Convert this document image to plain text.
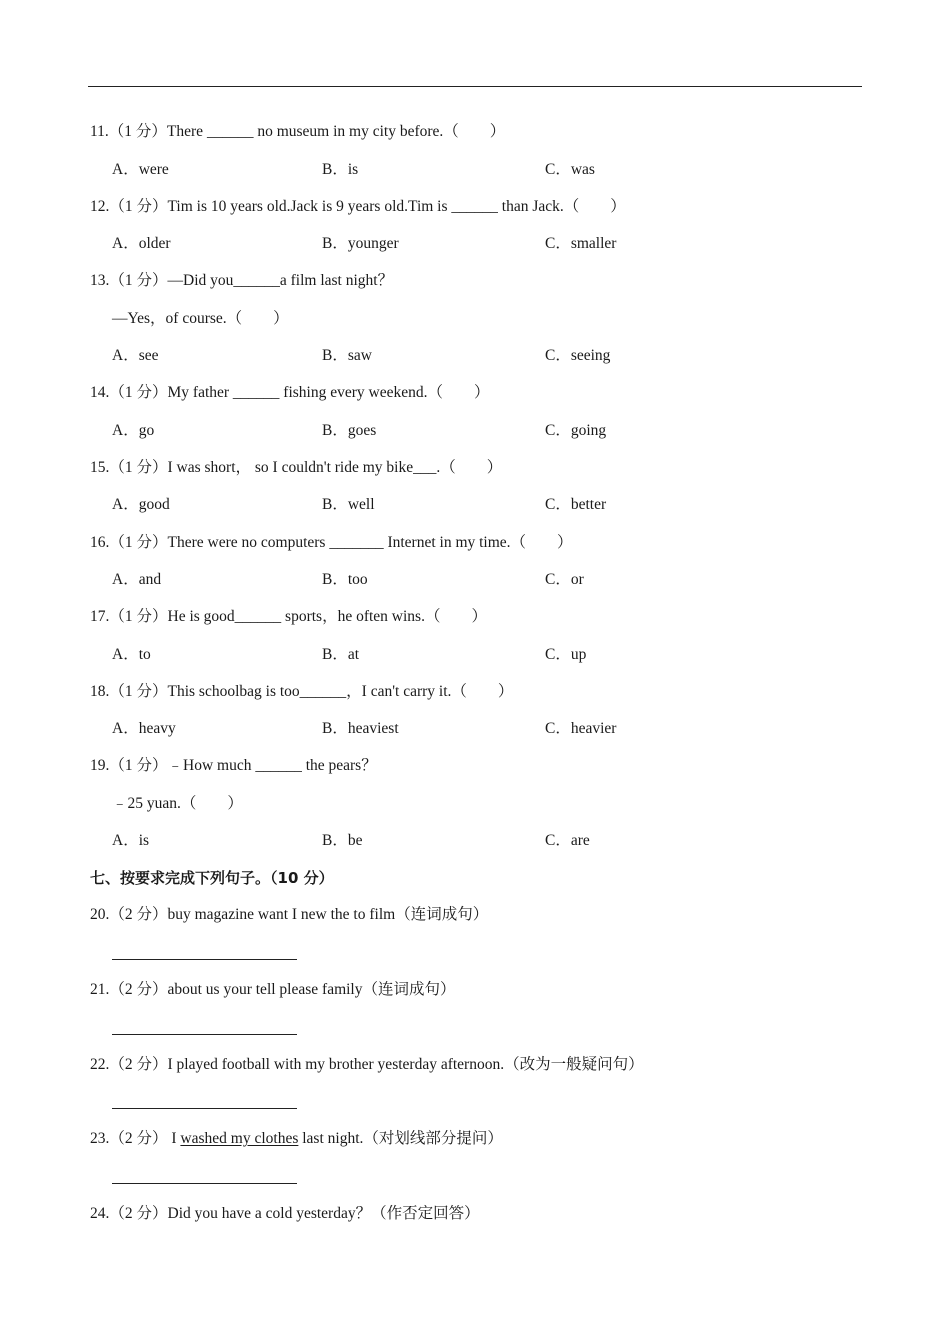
11.（1 分）There ______ no museum in my city before.（　　）
A．were	B．is	C．was
12.（1 分）Tim is 10 years old.Jack is 9 years old.Tim is ______ than Jack.（　　）
A．older	B．younger	C．smaller
13.（1 分）—Did you______a film last night？
—Yes，of course.（　　）
A．see	B．saw	C．seeing
14.（1 分）My father ______ fishing every weekend.（　　）
A．go	B．goes	C．going
15.（1 分）I was short， so I couldn't ride my bike___.（　　）
A．good	B．well	C．better
16.（1 分）There were no computers _______ Internet in my time.（　　）
A．and	B．too	C．or
17.（1 分）He is good______ sports，he often wins.（　　）
A．to	B．at	C．up
18.（1 分）This schoolbag is too______，I can't carry it.（　　）
A．heavy	B．heaviest	C．heavier
19.（1 分）﹣How much ______ the pears？
﹣25 yuan.（　　）
A．is	B．be	C．are
七、按要求完成下列句子。（10 分）
20.（2 分）buy magazine want I new the to film（连词成句）
21.（2 分）about us your tell please family（连词成句）
22.（2 分）I played football with my brother yesterday afternoon.（改为一般疑问句）
23.（2 分） I washed my clothes last night.（对划线部分提问）
24.（2 分）Did you have a cold yesterday？（作否定回答）
